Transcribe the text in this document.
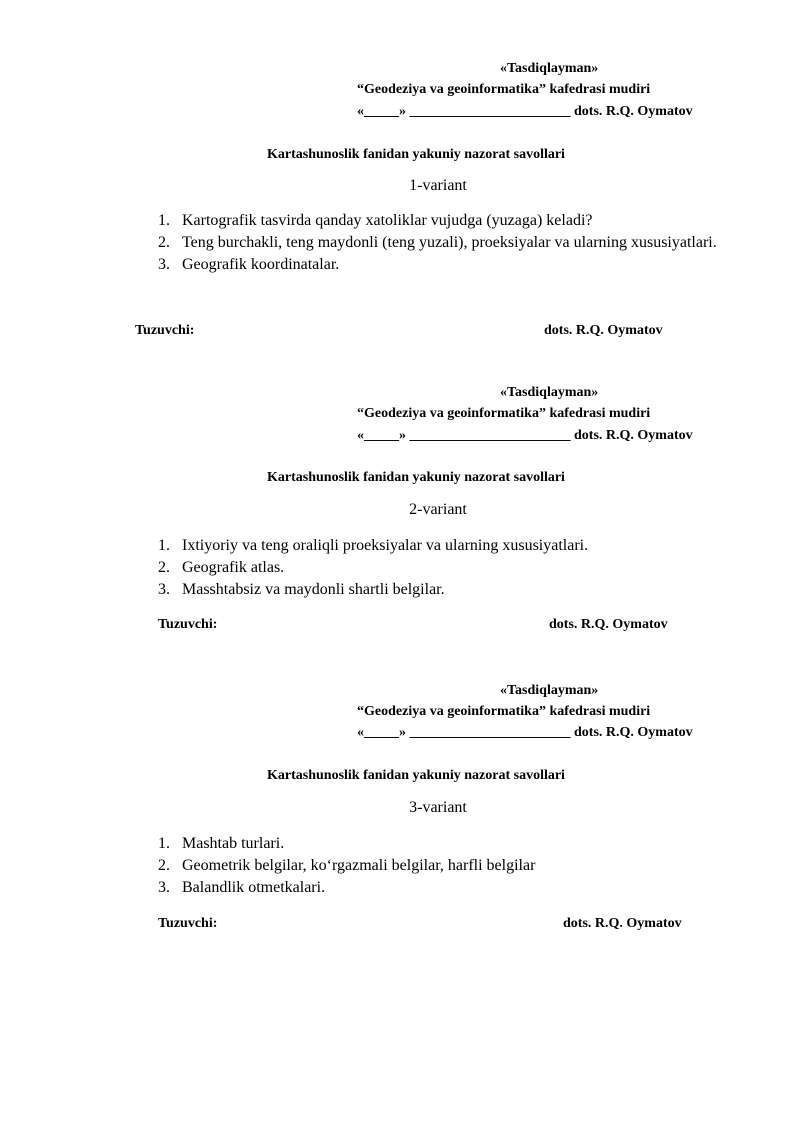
«Tasdiqlayman»
“Geodeziya va geoinformatika” kafedrasi mudiri
«_____» _______________________ dots. R.Q. Oymatov
Kartashunoslik fanidan yakuniy nazorat savollari
1-variant
1. Kartografik tasvirda qanday xatoliklar vujudga (yuzaga) keladi?
2. Teng burchakli, teng maydonli (teng yuzali), proeksiyalar va ularning xususiyatlari.
3. Geografik koordinatalar.
Tuzuvchi:	dots. R.Q. Oymatov
«Tasdiqlayman»
“Geodeziya va geoinformatika” kafedrasi mudiri
«_____» _______________________ dots. R.Q. Oymatov
Kartashunoslik fanidan yakuniy nazorat savollari
2-variant
1. Ixtiyoriy va teng oraliqli proeksiyalar va ularning xususiyatlari.
2. Geografik atlas.
3. Masshtabsiz va maydonli shartli belgilar.
Tuzuvchi:	dots. R.Q. Oymatov
«Tasdiqlayman»
“Geodeziya va geoinformatika” kafedrasi mudiri
«_____» _______________________ dots. R.Q. Oymatov
Kartashunoslik fanidan yakuniy nazorat savollari
3-variant
1. Mashtab turlari.
2. Geometrik belgilar, koʻrgazmali belgilar, harfli belgilar
3. Balandlik otmetkalari.
Tuzuvchi:	dots. R.Q. Oymatov
